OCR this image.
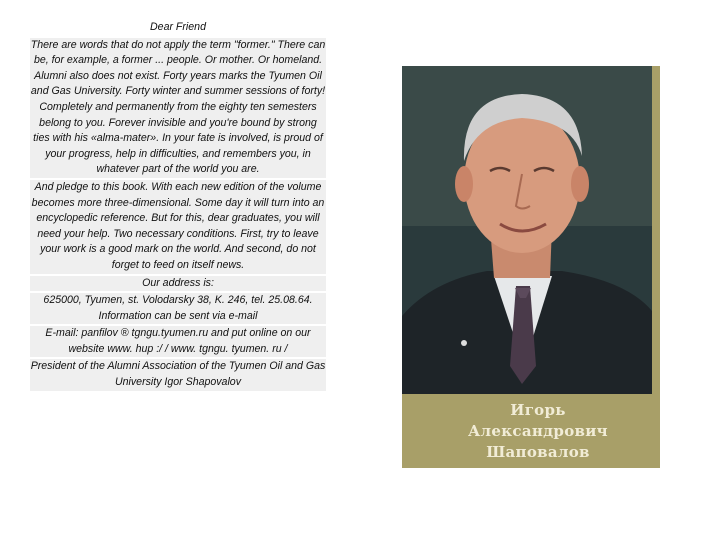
Dear Friend

There are words that do not apply the term "former." There can be, for example, a former ... people. Or mother. Or homeland. Alumni also does not exist. Forty years marks the Tyumen Oil and Gas University. Forty winter and summer sessions of forty! Completely and permanently from the eighty ten semesters belong to you. Forever invisible and you're bound by strong ties with his «alma-mater». In your fate is involved, is proud of your progress, help in difficulties, and remembers you, in whatever part of the world you are.

And pledge to this book. With each new edition of the volume becomes more three-dimensional. Some day it will turn into an encyclopedic reference. But for this, dear graduates, you will need your help. Two necessary conditions. First, try to leave your work is a good mark on the world. And second, do not forget to feed on itself news.

Our address is:

625000, Tyumen, st. Volodarsky 38, K. 246, tel. 25.08.64. Information can be sent via e-mail

E-mail: panfilov ® tgngu.tyumen.ru and put online on our website www. hup :/ / www. tgngu. tyumen. ru /

President of the Alumni Association of the Tyumen Oil and Gas University Igor Shapovalov

Игорь
Александрович
Шаповалов
